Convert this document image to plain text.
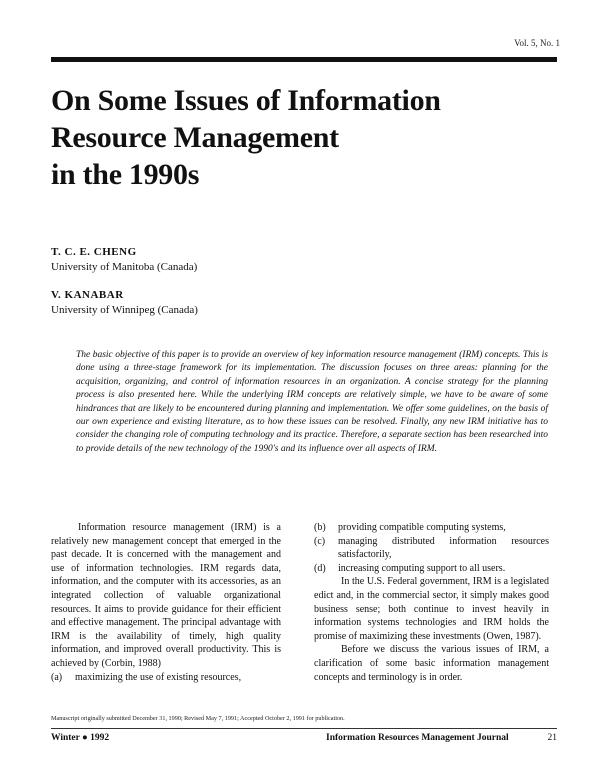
Vol. 5, No. 1
On Some Issues of Information
Resource Management
in the 1990s
T. C. E. CHENG
University of Manitoba (Canada)
V. KANABAR
University of Winnipeg (Canada)
The basic objective of this paper is to provide an overview of key information resource management (IRM) concepts. This is done using a three-stage framework for its implementation. The discussion focuses on three areas: planning for the acquisition, organizing, and control of information resources in an organization. A concise strategy for the planning process is also presented here. While the underlying IRM concepts are relatively simple, we have to be aware of some hindrances that are likely to be encountered during planning and implementation. We offer some guidelines, on the basis of our own experience and existing literature, as to how these issues can be resolved. Finally, any new IRM initiative has to consider the changing role of computing technology and its practice. Therefore, a separate section has been researched into to provide details of the new technology of the 1990's and its influence over all aspects of IRM.

Information resource management (IRM) is a relatively new management concept that emerged in the past decade. It is concerned with the management and use of information technologies. IRM regards data, information, and the computer with its accessories, as an integrated collection of valuable organizational resources. It aims to provide guidance for their efficient and effective management. The principal advantage with IRM is the availability of timely, high quality information, and improved overall productivity. This is achieved by (Corbin, 1988)

(a)	maximizing the use of existing resources,
(b)	providing compatible computing systems,
(c)	managing distributed information resources satisfactorily,
(d)	increasing computing support to all users.

In the U.S. Federal government, IRM is a legislated edict and, in the commercial sector, it simply makes good business sense; both continue to invest heavily in information systems technologies and IRM holds the promise of maximizing these investments (Owen, 1987).

Before we discuss the various issues of IRM, a clarification of some basic information management concepts and terminology is in order.

Manuscript originally submitted December 31, 1990; Revised May 7, 1991; Accepted October 2, 1991 for publication.
Winter ● 1992	Information Resources Management Journal	21
